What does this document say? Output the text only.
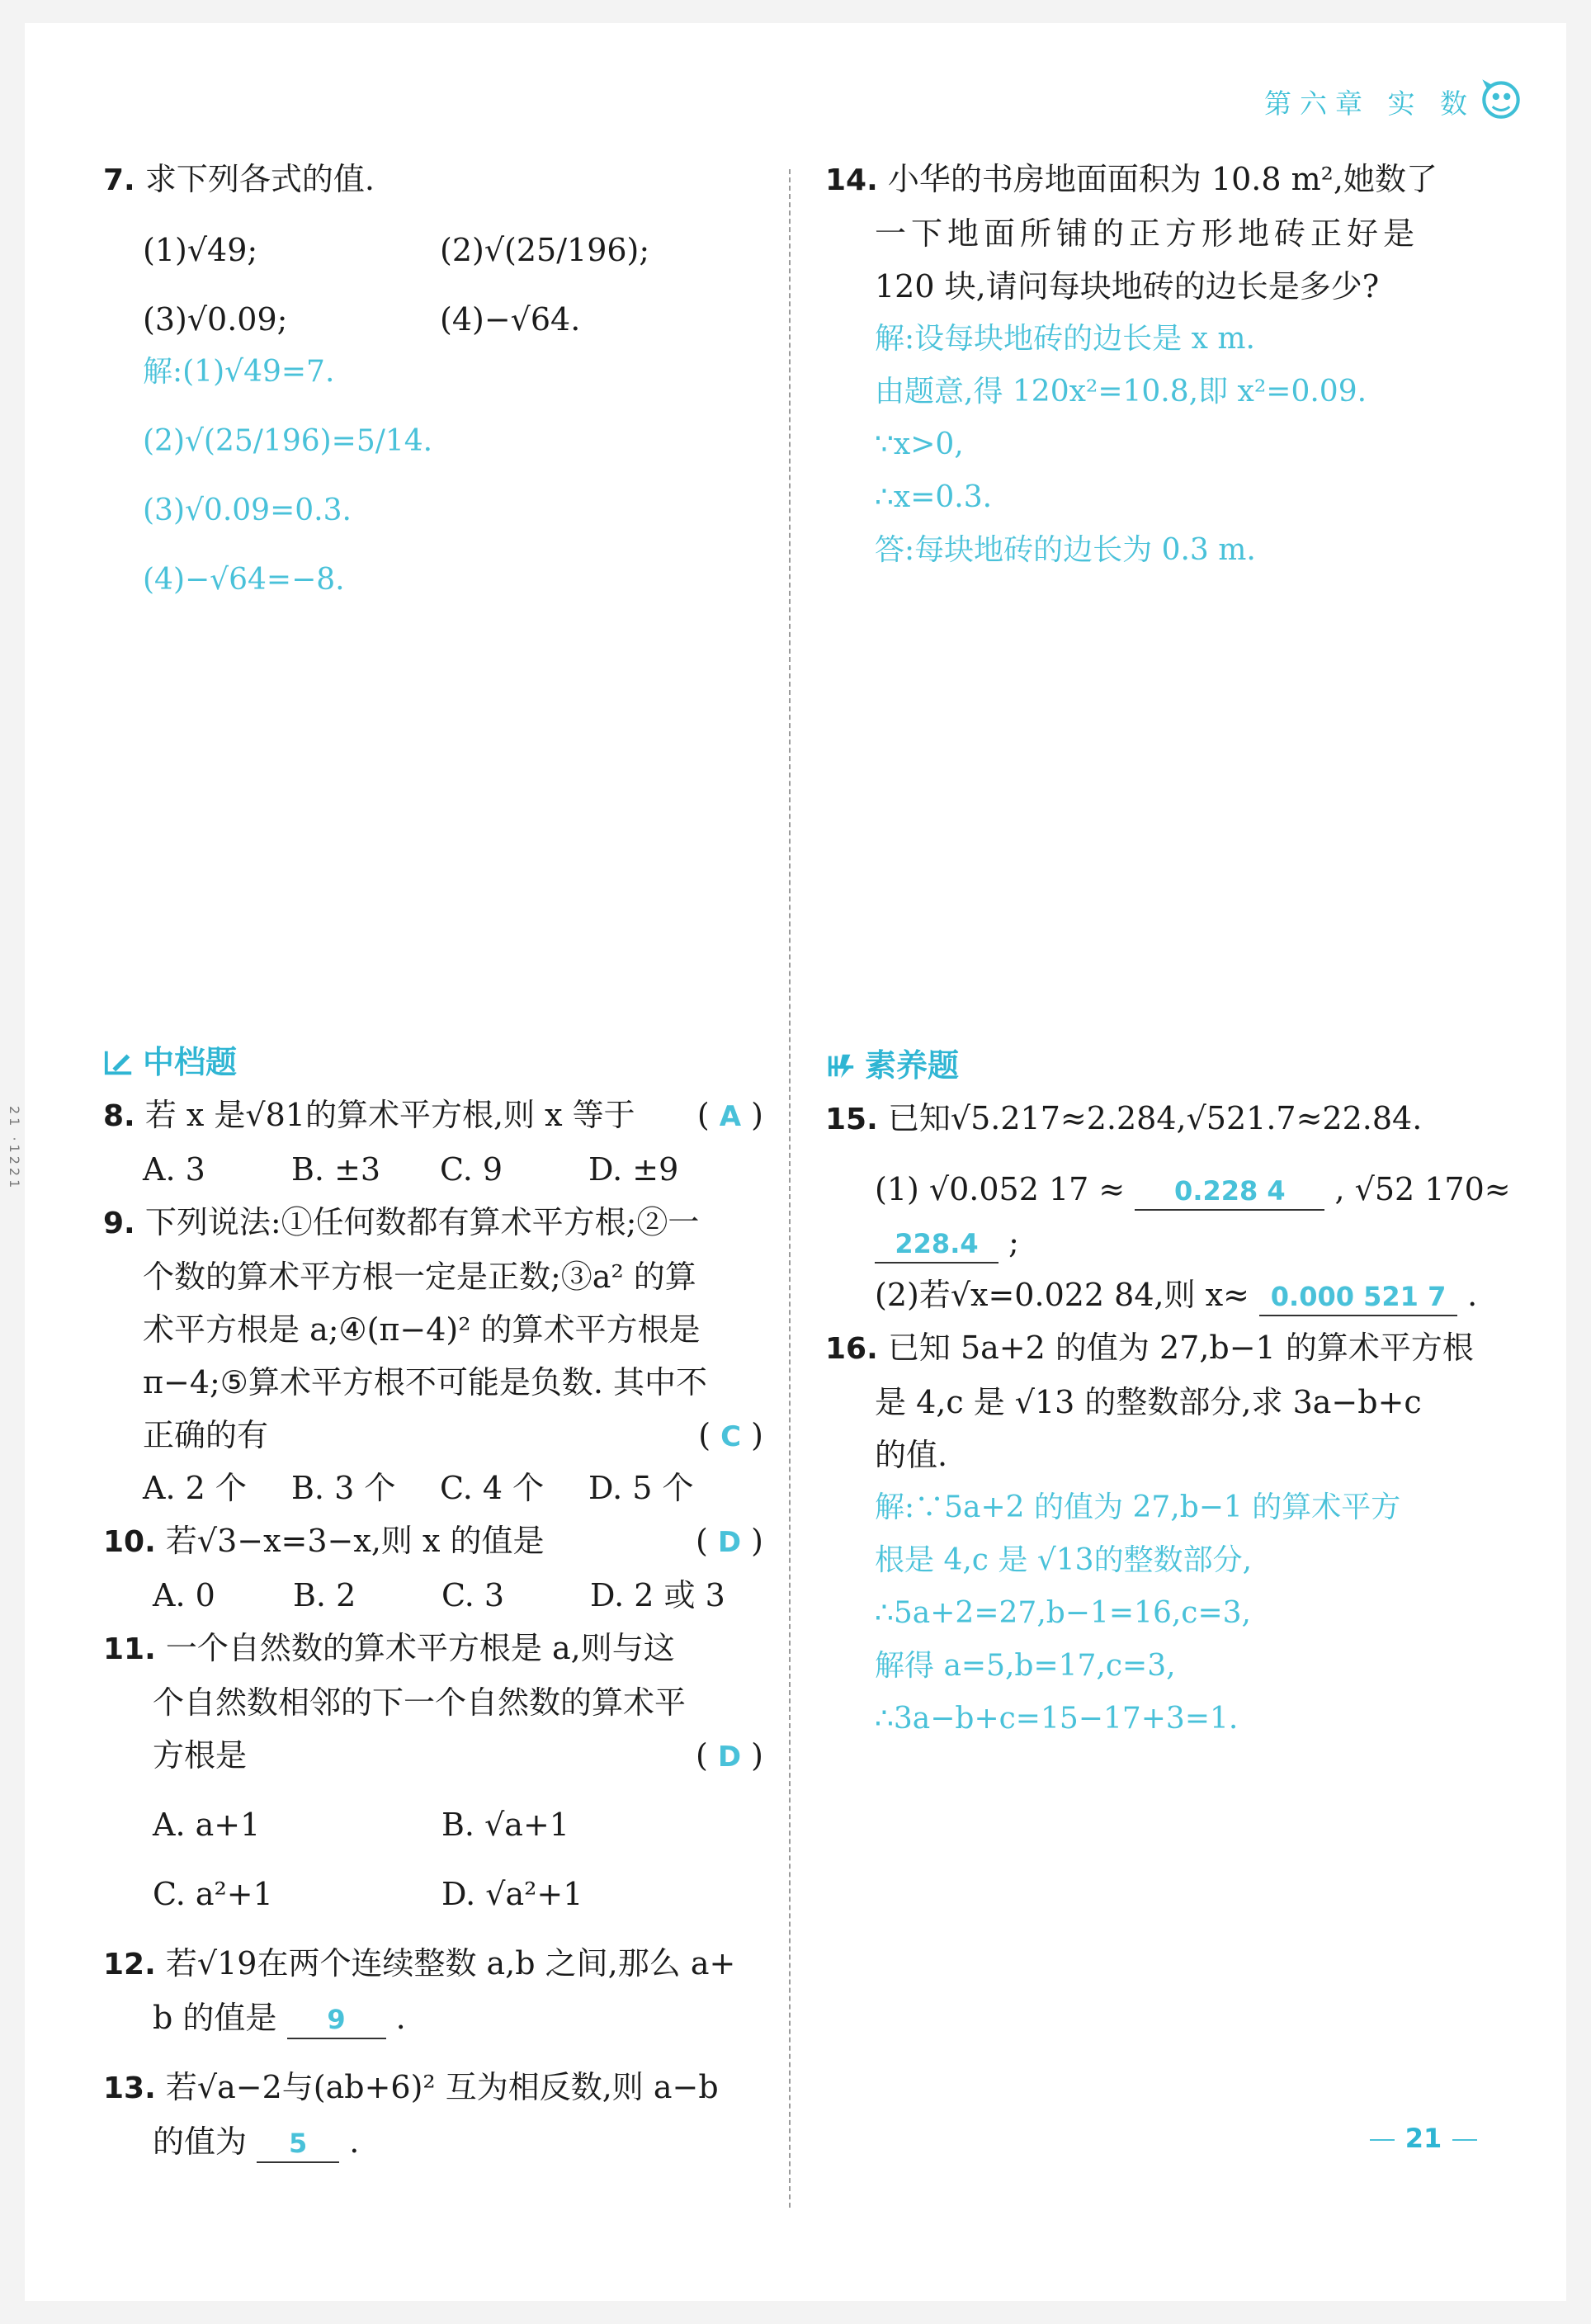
第六章 实 数
21 ·1221
7. 求下列各式的值.
(1)√49;	(2)√(25/196);
(3)√0.09;	(4)−√64.
解:(1)√49=7.
(2)√(25/196)=5/14.
(3)√0.09=0.3.
(4)−√64=−8.
中档题
8. 若 x 是√81的算术平方根,则 x 等于 ( A )
A. 3	B. ±3	C. 9	D. ±9
9. 下列说法:①任何数都有算术平方根;②一
个数的算术平方根一定是正数;③a² 的算
术平方根是 a;④(π−4)² 的算术平方根是
π−4;⑤算术平方根不可能是负数. 其中不
正确的有	( C )
A. 2 个	B. 3 个	C. 4 个	D. 5 个
10. 若√3−x=3−x,则 x 的值是	( D )
A. 0	B. 2	C. 3	D. 2 或 3
11. 一个自然数的算术平方根是 a,则与这
个自然数相邻的下一个自然数的算术平
方根是	( D )
A. a+1	B. √a+1
C. a²+1	D. √a²+1
12. 若√19在两个连续整数 a,b 之间,那么 a+
b 的值是 9 .
13. 若√a−2与(ab+6)² 互为相反数,则 a−b
的值为 5 .
14. 小华的书房地面面积为 10.8 m²,她数了
一下地面所铺的正方形地砖正好是
120 块,请问每块地砖的边长是多少?
解:设每块地砖的边长是 x m.
由题意,得 120x²=10.8,即 x²=0.09.
∵x>0,
∴x=0.3.
答:每块地砖的边长为 0.3 m.
素养题
15. 已知√5.217≈2.284,√521.7≈22.84.
(1) √0.052 17 ≈ 0.228 4 , √52 170≈
228.4 ;
(2)若√x=0.022 84,则 x≈ 0.000 521 7 .
16. 已知 5a+2 的值为 27,b−1 的算术平方根
是 4,c 是 √13 的整数部分,求 3a−b+c
的值.
解:∵5a+2 的值为 27,b−1 的算术平方
根是 4,c 是 √13的整数部分,
∴5a+2=27,b−1=16,c=3,
解得 a=5,b=17,c=3,
∴3a−b+c=15−17+3=1.
21
